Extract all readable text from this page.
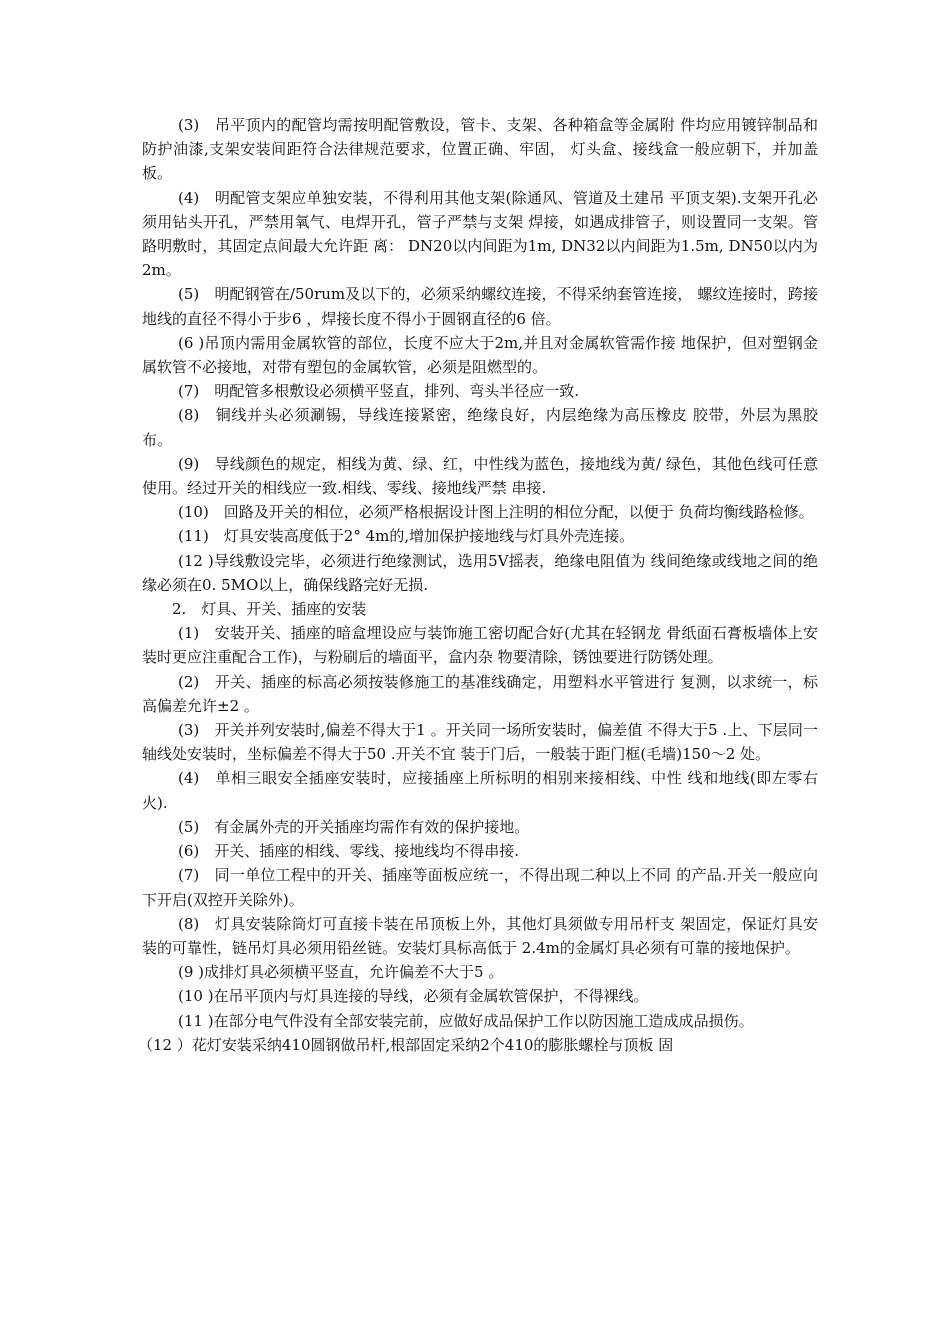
(3)　吊平顶内的配管均需按明配管敷设，管卡、支架、各种箱盒等金属附 件均应用镀锌制品和防护油漆,支架安装间距符合法律规范要求，位置正确、牢固， 灯头盒、接线盒一般应朝下，并加盖板。

(4)　明配管支架应单独安装，不得利用其他支架(除通风、管道及土建吊 平顶支架).支架开孔必须用钻头开孔，严禁用氧气、电焊开孔，管子严禁与支架 焊接，如遇成排管子，则设置同一支架。管路明敷时，其固定点间最大允许距 离： DN20以内间距为1m, DN32以内间距为1.5m, DN50以内为2m。

(5)　明配钢管在/50rum及以下的，必须采纳螺纹连接，不得采纳套管连接， 螺纹连接时，跨接地线的直径不得小于步6 ，焊接长度不得小于圆钢直径的6 倍。

(6 )吊顶内需用金属软管的部位，长度不应大于2m,并且对金属软管需作接 地保护，但对塑钢金属软管不必接地，对带有塑包的金属软管，必须是阻燃型的。

(7)　明配管多根敷设必须横平竖直，排列、弯头半径应一致.

(8)　铜线并头必须涮锡，导线连接紧密，绝缘良好，内层绝缘为高压橡皮 胶带，外层为黑胶布。

(9)　导线颜色的规定，相线为黄、绿、红，中性线为蓝色，接地线为黄/ 绿色，其他色线可任意使用。经过开关的相线应一致.相线、零线、接地线严禁 串接.

(10)　回路及开关的相位，必须严格根据设计图上注明的相位分配，以便于 负荷均衡线路检修。

(11)　灯具安装高度低于2° 4m的,增加保护接地线与灯具外壳连接。

(12 )导线敷设完毕，必须进行绝缘测试，选用5V摇表，绝缘电阻值为 线间绝缘或线地之间的绝缘必须在0. 5MO以上，确保线路完好无损.

2.　灯具、开关、插座的安装

(1)　安装开关、插座的暗盒埋设应与装饰施工密切配合好(尤其在轻钢龙 骨纸面石膏板墙体上安装时更应注重配合工作)，与粉刷后的墙面平，盒内杂 物要清除，锈蚀要进行防锈处理。

(2)　开关、插座的标高必须按装修施工的基准线确定，用塑料水平管进行 复测，以求统一，标高偏差允许±2 。

(3)　开关并列安装时,偏差不得大于1 。开关同一场所安装时，偏差值 不得大于5 .上、下层同一轴线处安装时，坐标偏差不得大于50 .开关不宜 装于门后，一般装于距门框(毛墙)150〜2 处。

(4)　单相三眼安全插座安装时，应接插座上所标明的相别来接相线、中性 线和地线(即左零右火).

(5)　有金属外壳的开关插座均需作有效的保护接地。

(6)　开关、插座的相线、零线、接地线均不得串接.

(7)　同一单位工程中的开关、插座等面板应统一，不得出现二种以上不同 的产品.开关一般应向下开启(双控开关除外)。

(8)　灯具安装除筒灯可直接卡装在吊顶板上外，其他灯具须做专用吊杆支 架固定，保证灯具安装的可靠性，链吊灯具必须用铅丝链。安装灯具标高低于 2.4m的金属灯具必须有可靠的接地保护。

(9 )成排灯具必须横平竖直，允许偏差不大于5 。

(10 )在吊平顶内与灯具连接的导线，必须有金属软管保护，不得裸线。

(11 )在部分电气件没有全部安装完前，应做好成品保护工作以防因施工造成成品损伤。

（12 ）花灯安装采纳410圆钢做吊杆,根部固定采纳2个410的膨胀螺栓与顶板 固
